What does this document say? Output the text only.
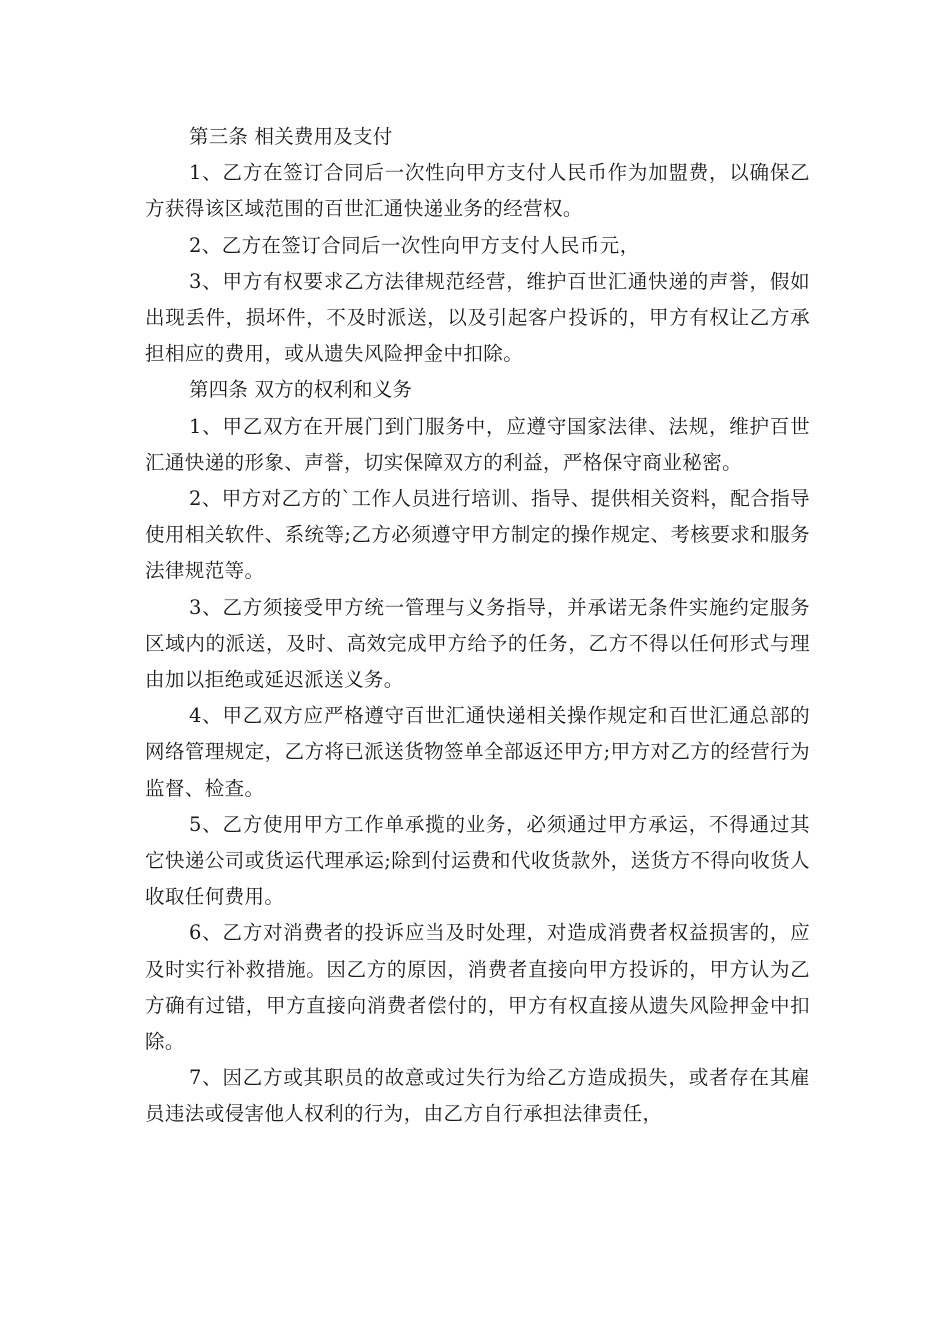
第三条 相关费用及支付

1、乙方在签订合同后一次性向甲方支付人民币作为加盟费，以确保乙方获得该区域范围的百世汇通快递业务的经营权。

2、乙方在签订合同后一次性向甲方支付人民币元，

3、甲方有权要求乙方法律规范经营，维护百世汇通快递的声誉，假如出现丢件，损坏件，不及时派送，以及引起客户投诉的，甲方有权让乙方承担相应的费用，或从遗失风险押金中扣除。

第四条 双方的权利和义务

1、甲乙双方在开展门到门服务中，应遵守国家法律、法规，维护百世汇通快递的形象、声誉，切实保障双方的利益，严格保守商业秘密。

2、甲方对乙方的`工作人员进行培训、指导、提供相关资料，配合指导使用相关软件、系统等;乙方必须遵守甲方制定的操作规定、考核要求和服务法律规范等。

3、乙方须接受甲方统一管理与义务指导，并承诺无条件实施约定服务区域内的派送，及时、高效完成甲方给予的任务，乙方不得以任何形式与理由加以拒绝或延迟派送义务。

4、甲乙双方应严格遵守百世汇通快递相关操作规定和百世汇通总部的网络管理规定，乙方将已派送货物签单全部返还甲方;甲方对乙方的经营行为监督、检查。

5、乙方使用甲方工作单承揽的业务，必须通过甲方承运，不得通过其它快递公司或货运代理承运;除到付运费和代收货款外，送货方不得向收货人收取任何费用。

6、乙方对消费者的投诉应当及时处理，对造成消费者权益损害的，应及时实行补救措施。因乙方的原因，消费者直接向甲方投诉的，甲方认为乙方确有过错，甲方直接向消费者偿付的，甲方有权直接从遗失风险押金中扣除。

7、因乙方或其职员的故意或过失行为给乙方造成损失，或者存在其雇员违法或侵害他人权利的行为，由乙方自行承担法律责任，
